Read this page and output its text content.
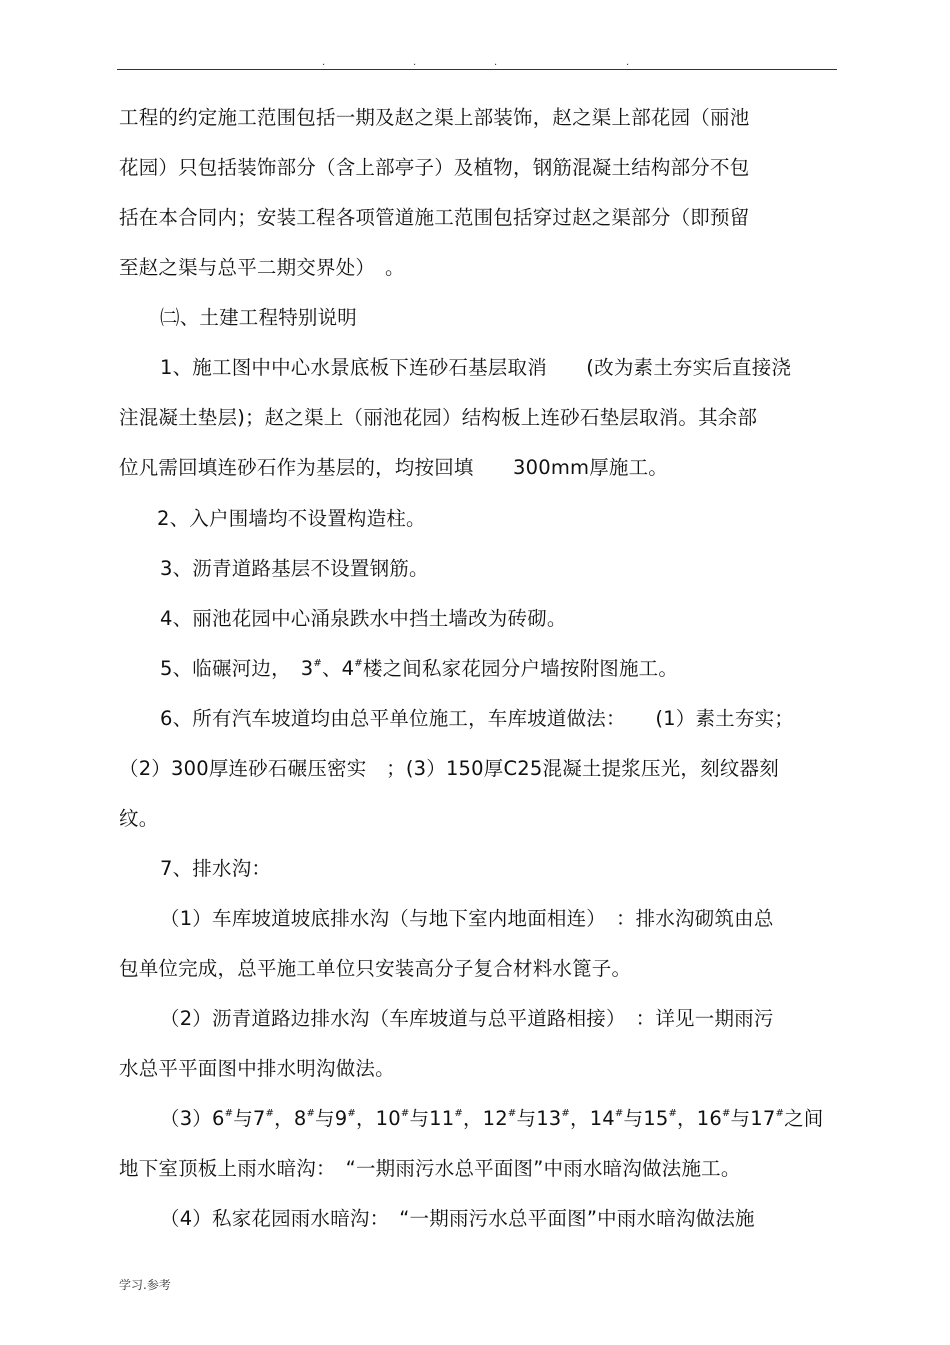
.	.	.	.
工程的约定施工范围包括一期及赵之渠上部装饰，赵之渠上部花园（丽池
花园）只包括装饰部分（含上部亭子）及植物，钢筋混凝土结构部分不包
括在本合同内；安装工程各项管道施工范围包括穿过赵之渠部分（即预留
至赵之渠与总平二期交界处）　。
㈡、土建工程特别说明
1、施工图中中心水景底板下连砂石基层取消　　(改为素土夯实后直接浇
注混凝土垫层)；赵之渠上（丽池花园）结构板上连砂石垫层取消。其余部
位凡需回填连砂石作为基层的，均按回填　　300mm厚施工。
2、入户围墙均不设置构造柱。
3、沥青道路基层不设置钢筋。
4、丽池花园中心涌泉跌水中挡土墙改为砖砌。
5、临碾河边，　3#、4#楼之间私家花园分户墙按附图施工。
6、所有汽车坡道均由总平单位施工，车库坡道做法：　　(1）素土夯实；
（2）300厚连砂石碾压密实　；(3）150厚C25混凝土提浆压光，刻纹器刻
纹。
7、排水沟：
（1）车库坡道坡底排水沟（与地下室内地面相连）　：排水沟砌筑由总
包单位完成，总平施工单位只安装高分子复合材料水篦子。
（2）沥青道路边排水沟（车库坡道与总平道路相接）　：详见一期雨污
水总平平面图中排水明沟做法。
（3）6#与7#，8#与9#，10#与11#，12#与13#，14#与15#，16#与17#之间
地下室顶板上雨水暗沟：　“一期雨污水总平面图”中雨水暗沟做法施工。
（4）私家花园雨水暗沟：　“一期雨污水总平面图”中雨水暗沟做法施
学习.参考
